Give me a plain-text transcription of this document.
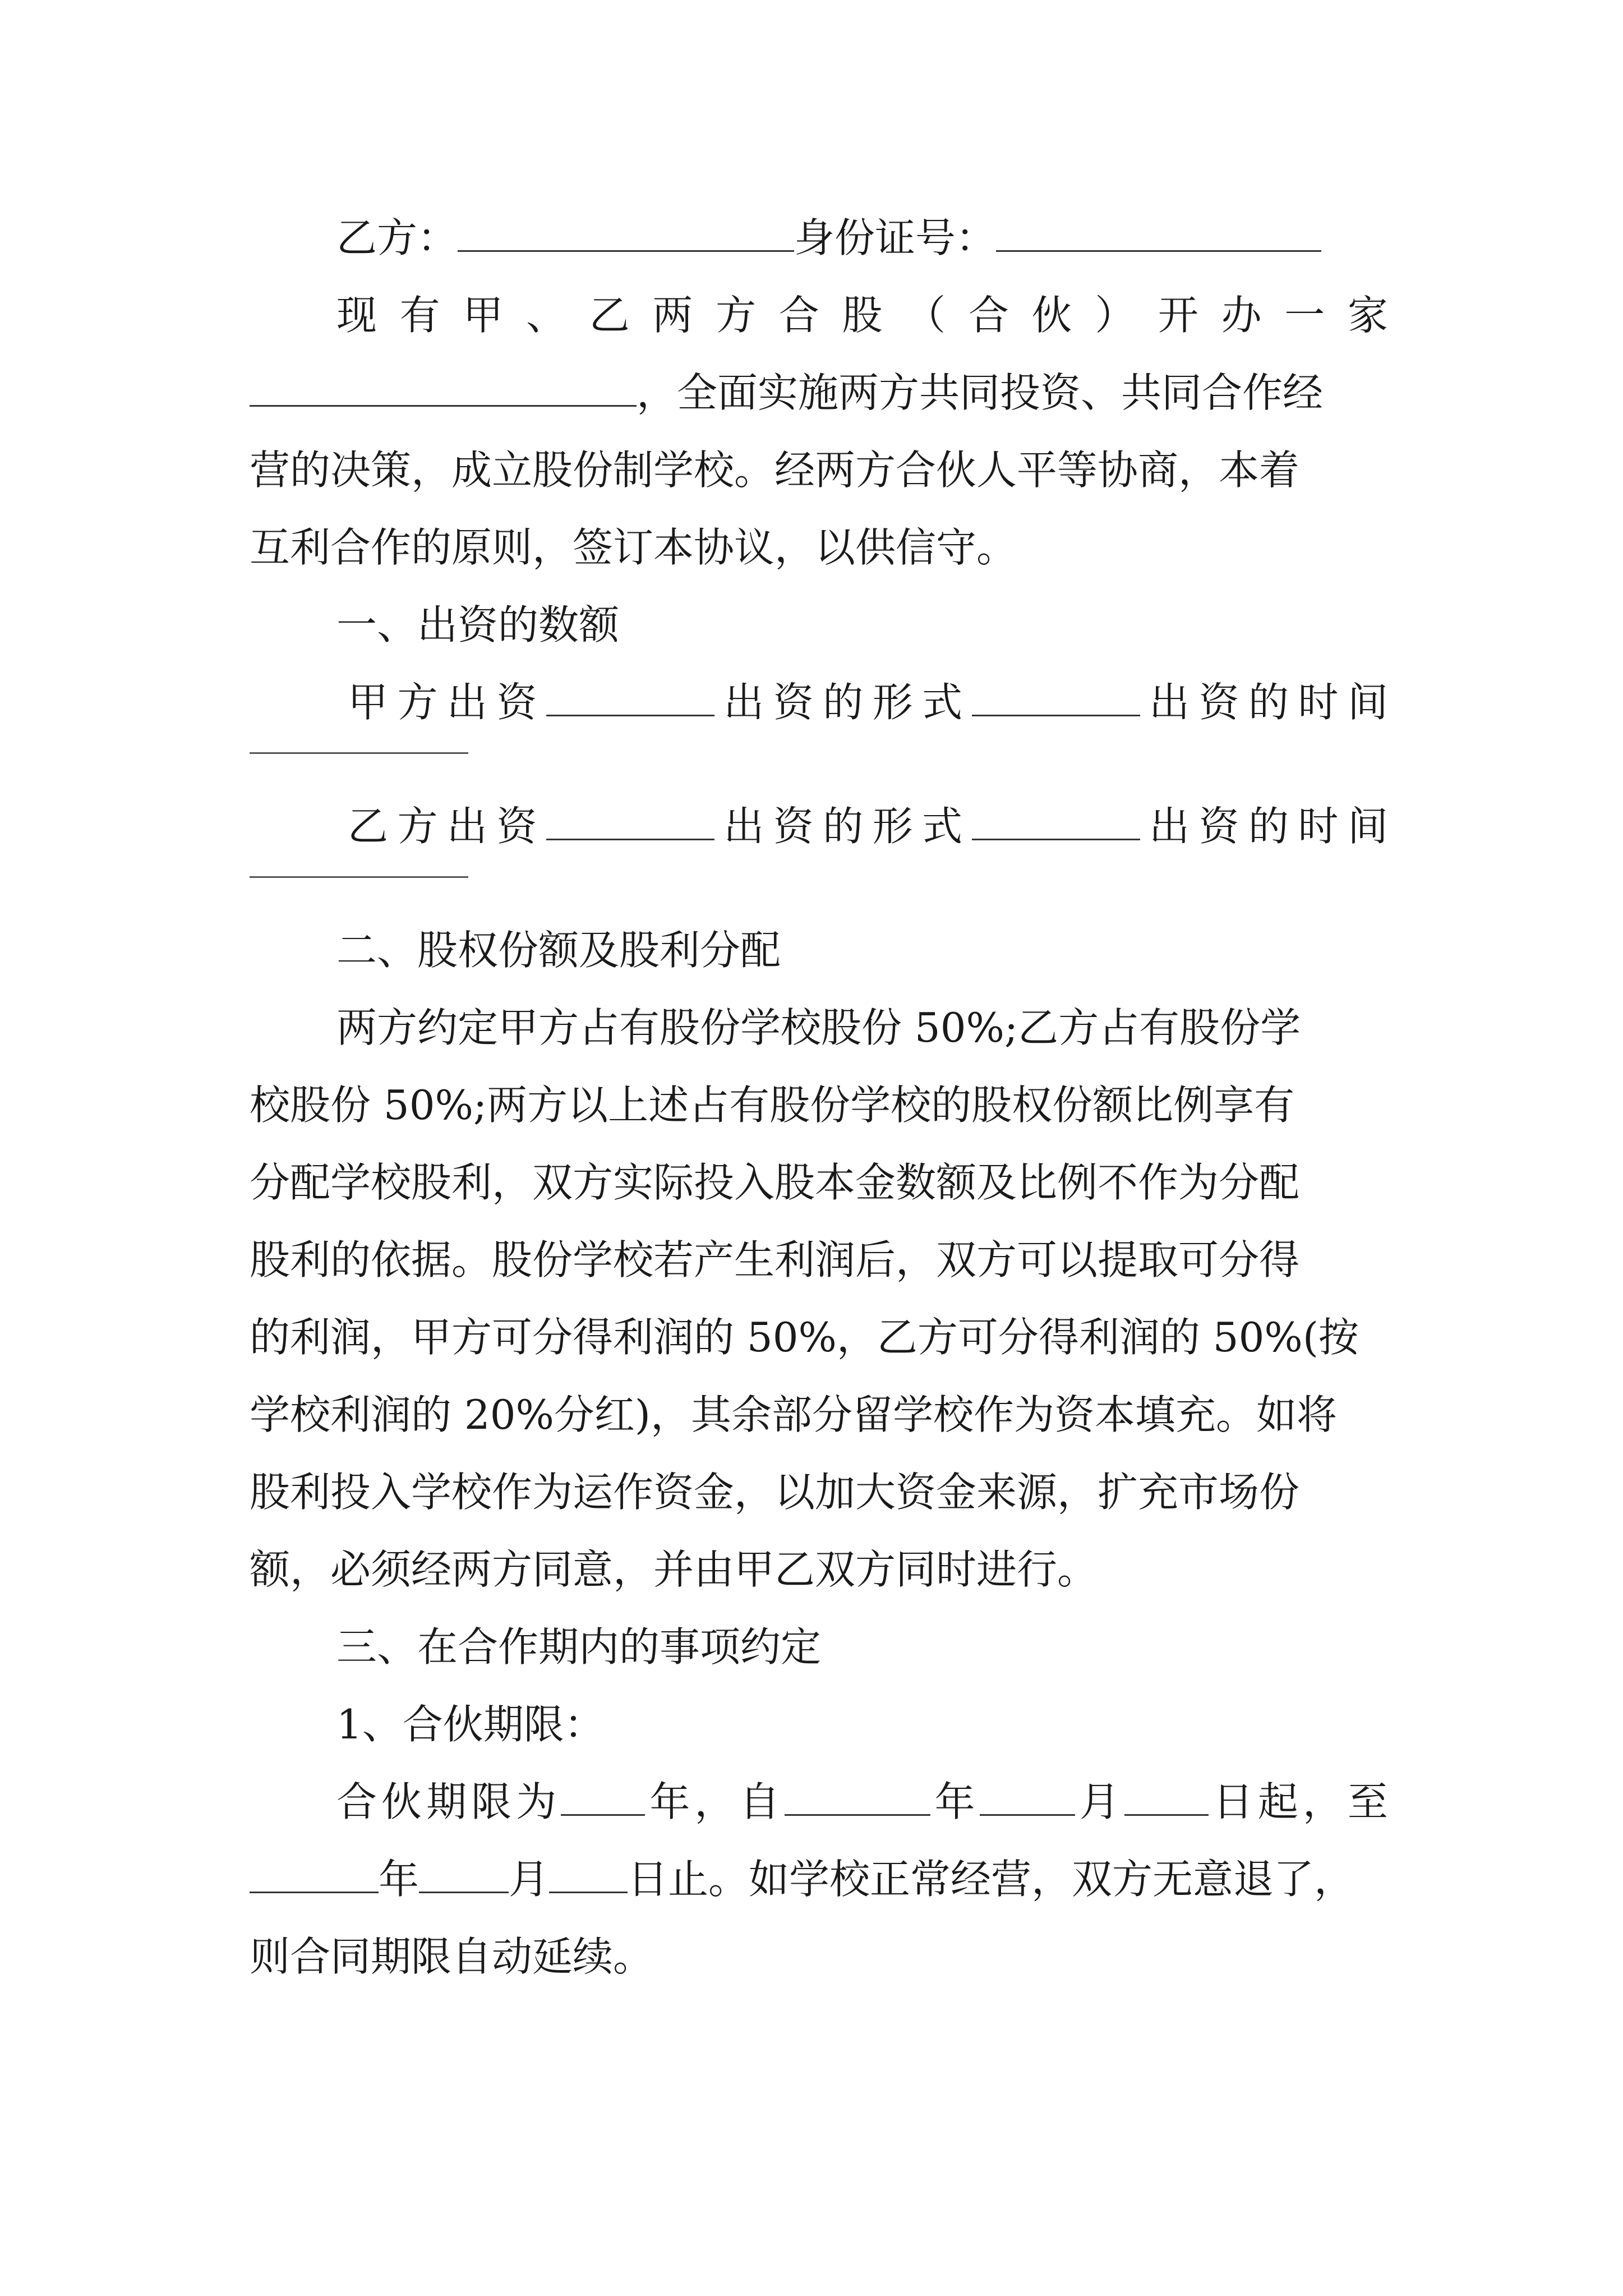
乙方：	身份证号：

现有甲、乙两方合股（合伙）开办一家

，全面实施两方共同投资、共同合作经

营的决策，成立股份制学校。经两方合伙人平等协商，本着

互利合作的原则，签订本协议，以供信守。

一、出资的数额

甲方出资	出资的形式	出资的时间

乙方出资	出资的形式	出资的时间

二、股权份额及股利分配

两方约定甲方占有股份学校股份 50%;乙方占有股份学

校股份 50%;两方以上述占有股份学校的股权份额比例享有

分配学校股利，双方实际投入股本金数额及比例不作为分配

股利的依据。股份学校若产生利润后，双方可以提取可分得

的利润，甲方可分得利润的 50%，乙方可分得利润的 50%(按

学校利润的 20%分红)，其余部分留学校作为资本填充。如将

股利投入学校作为运作资金，以加大资金来源，扩充市场份

额，必须经两方同意，并由甲乙双方同时进行。

三、在合作期内的事项约定

1、合伙期限：

合伙期限为 年，自	年 月 日起，至

年 月 日止。如学校正常经营，双方无意退了，

则合同期限自动延续。
